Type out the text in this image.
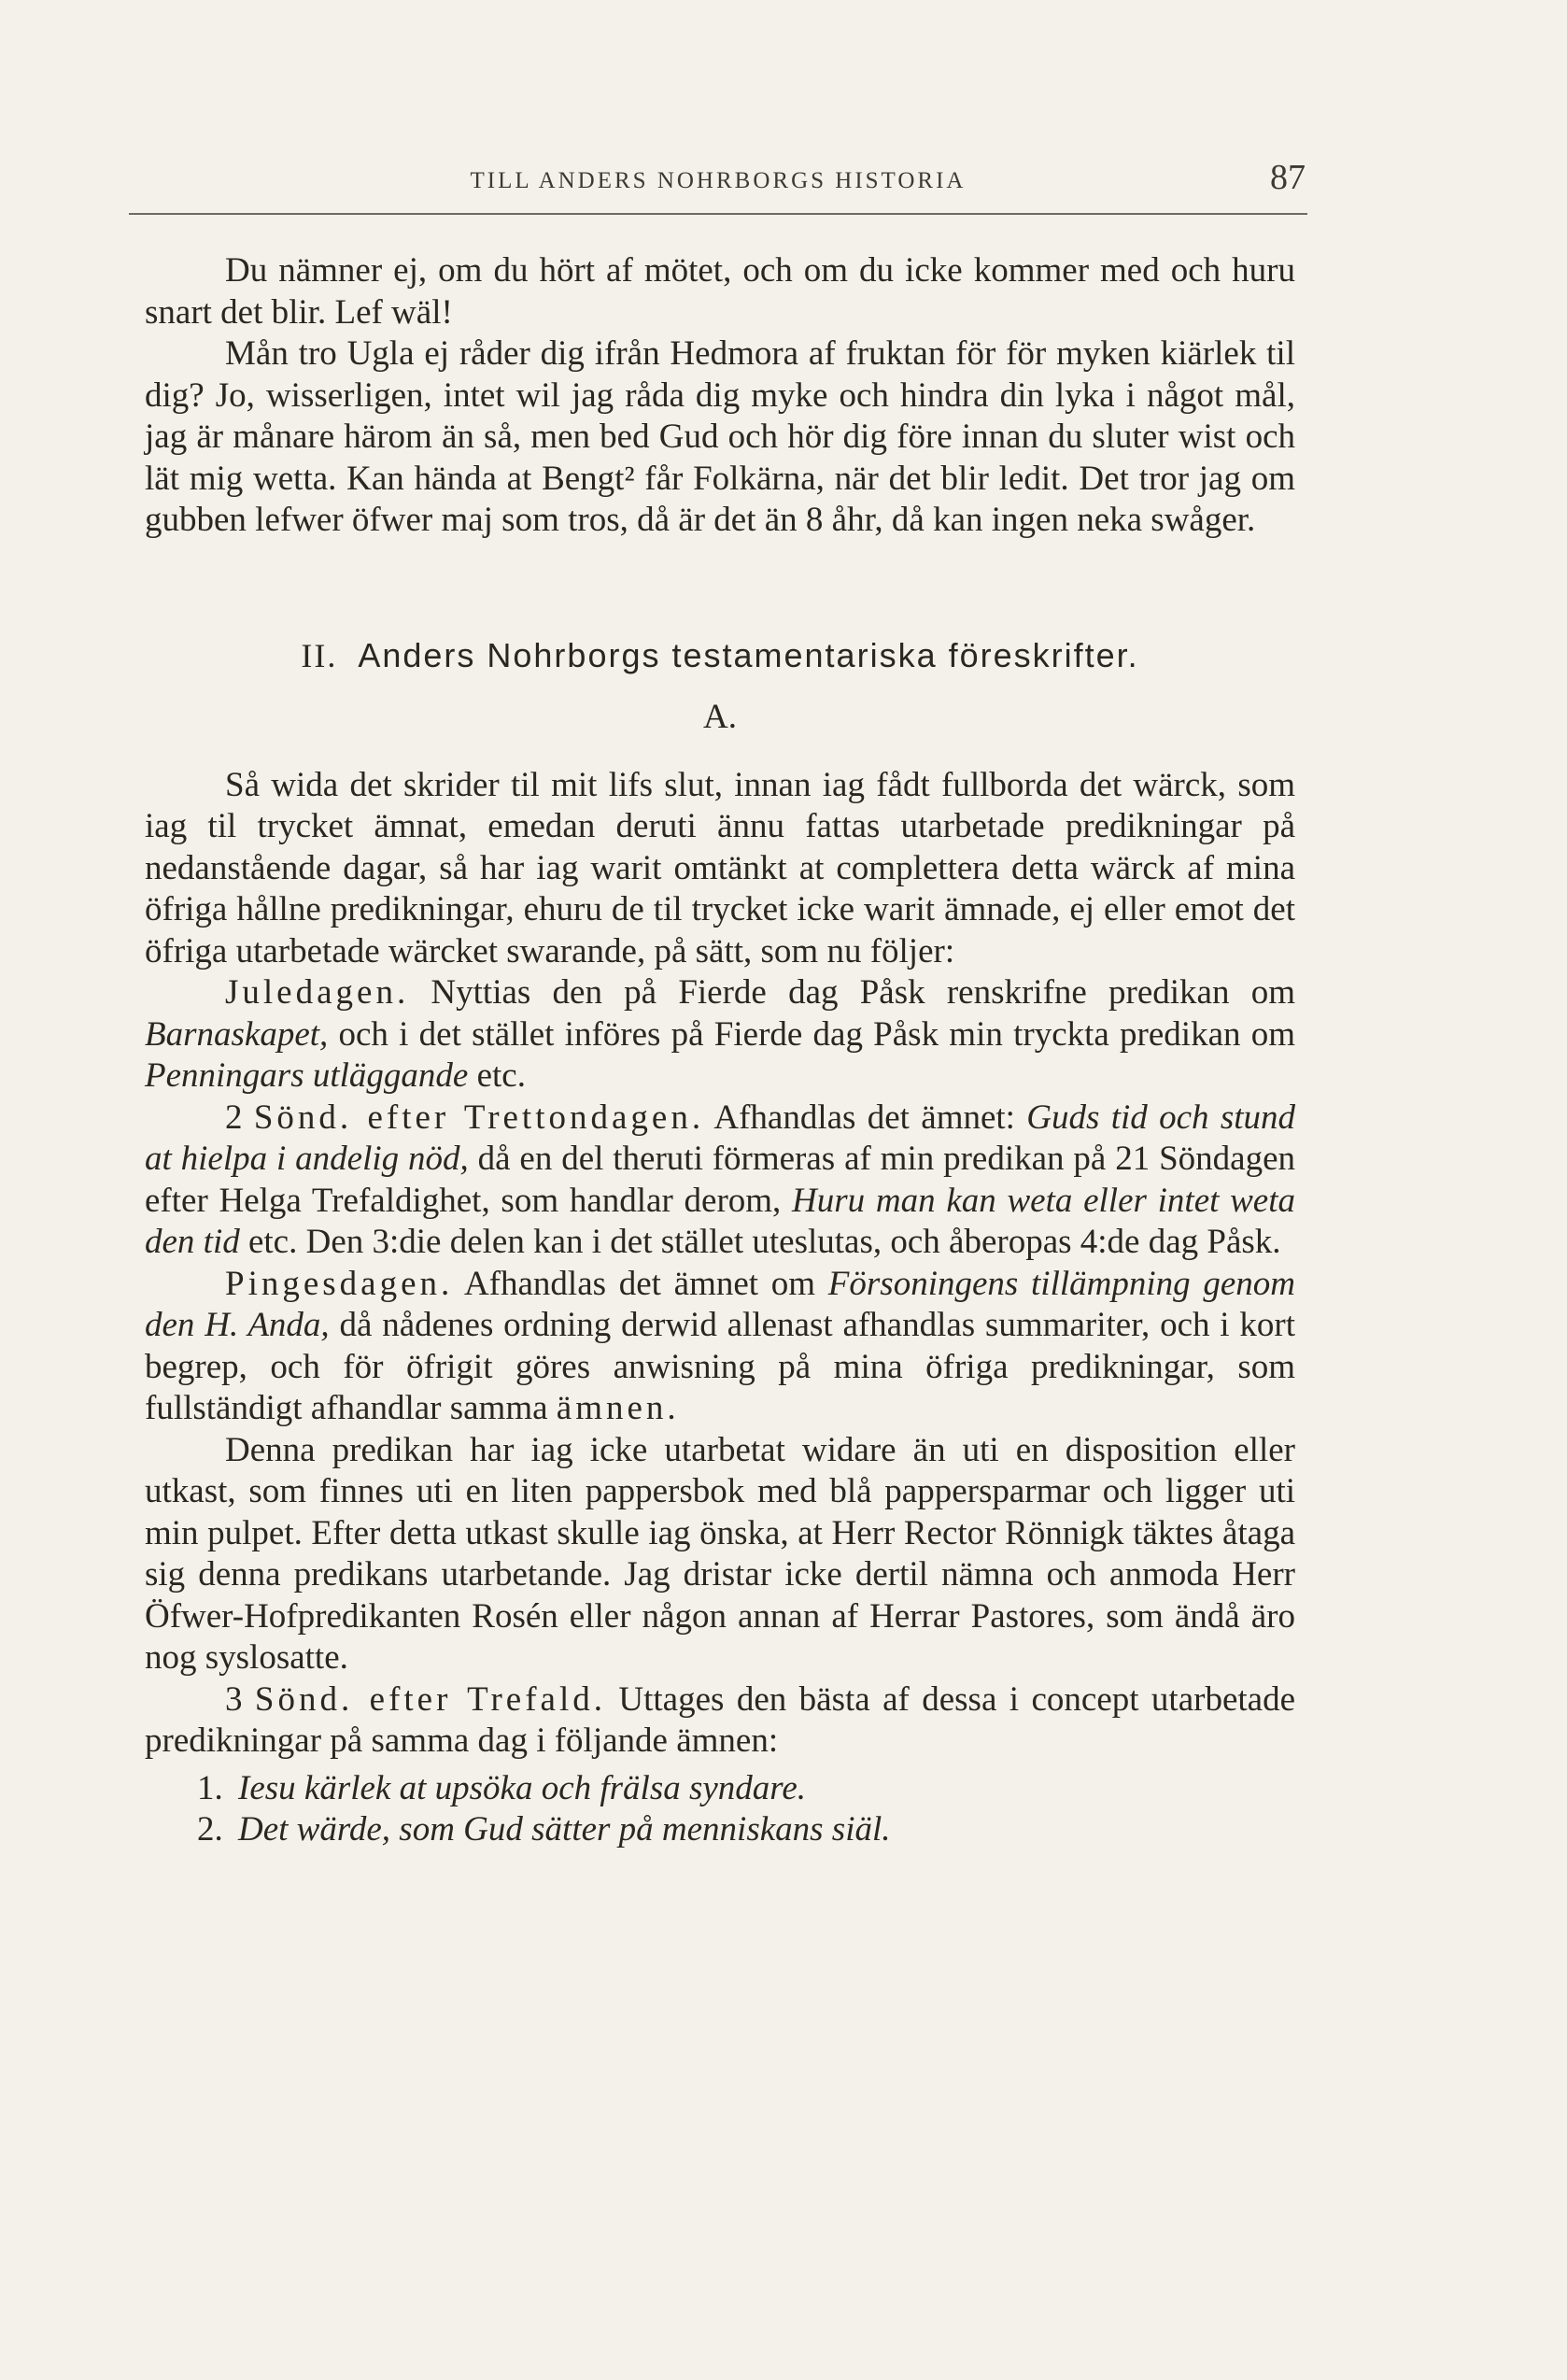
TILL ANDERS NOHRBORGS HISTORIA	87

Du nämner ej, om du hört af mötet, och om du icke kommer med och huru snart det blir. Lef wäl!

Mån tro Ugla ej råder dig ifrån Hedmora af fruktan för för myken kiärlek til dig? Jo, wisserligen, intet wil jag råda dig myke och hindra din lyka i något mål, jag är månare härom än så, men bed Gud och hör dig före innan du sluter wist och lät mig wetta. Kan hända at Bengt² får Folkärna, när det blir ledit. Det tror jag om gubben lefwer öfwer maj som tros, då är det än 8 åhr, då kan ingen neka swåger.

II. Anders Nohrborgs testamentariska föreskrifter.

A.

Så wida det skrider til mit lifs slut, innan iag fådt fullborda det wärck, som iag til trycket ämnat, emedan deruti ännu fattas utarbetade predikningar på nedanstående dagar, så har iag warit omtänkt at complettera detta wärck af mina öfriga hållne predikningar, ehuru de til trycket icke warit ämnade, ej eller emot det öfriga utarbetade wärcket swarande, på sätt, som nu följer:

Juledagen. Nyttias den på Fierde dag Påsk renskrifne predikan om Barnaskapet, och i det stället införes på Fierde dag Påsk min tryckta predikan om Penningars utläggande etc.

2 Sönd. efter Trettondagen. Afhandlas det ämnet: Guds tid och stund at hielpa i andelig nöd, då en del theruti förmeras af min predikan på 21 Söndagen efter Helga Trefaldighet, som handlar derom, Huru man kan weta eller intet weta den tid etc. Den 3:die delen kan i det stället uteslutas, och åberopas 4:de dag Påsk.

Pingesdagen. Afhandlas det ämnet om Försoningens tillämpning genom den H. Anda, då nådenes ordning derwid allenast afhandlas summariter, och i kort begrep, och för öfrigit göres anwisning på mina öfriga predikningar, som fullständigt afhandlar samma ämnen.

Denna predikan har iag icke utarbetat widare än uti en disposition eller utkast, som finnes uti en liten pappersbok med blå pappersparmar och ligger uti min pulpet. Efter detta utkast skulle iag önska, at Herr Rector Rönnigk täktes åtaga sig denna predikans utarbetande. Jag dristar icke dertil nämna och anmoda Herr Öfwer-Hofpredikanten Rosén eller någon annan af Herrar Pastores, som ändå äro nog syslosatte.

3 Sönd. efter Trefald. Uttages den bästa af dessa i concept utarbetade predikningar på samma dag i följande ämnen:

1. Iesu kärlek at upsöka och frälsa syndare.

2. Det wärde, som Gud sätter på menniskans siäl.
